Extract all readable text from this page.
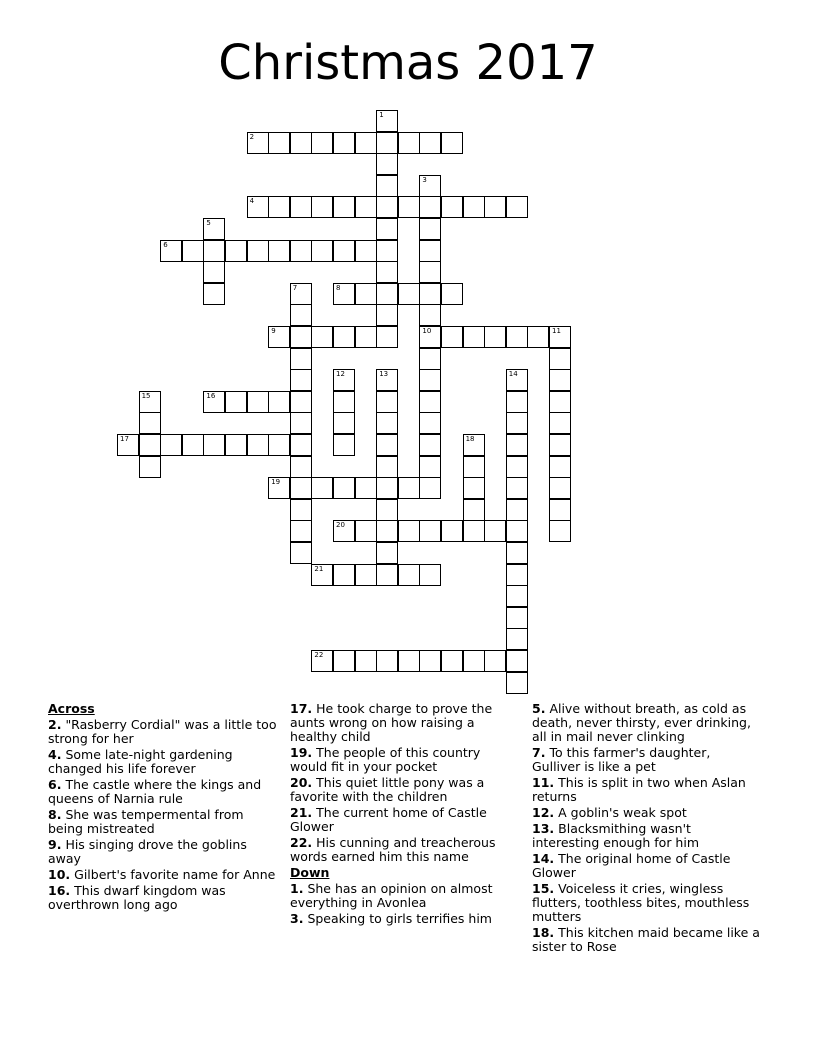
Christmas 2017
1
2
3
10
4
5
6
7	8
9	11
12	13	14
15	16
17	18
19
20
21
22
Across
2. "Rasberry Cordial" was a little too strong for her
4. Some late-night gardening changed his life forever
6. The castle where the kings and queens of Narnia rule
8. She was tempermental from being mistreated
9. His singing drove the goblins away
10. Gilbert's favorite name for Anne
16. This dwarf kingdom was overthrown long ago
17. He took charge to prove the aunts wrong on how raising a healthy child
19. The people of this country would fit in your pocket
20. This quiet little pony was a favorite with the children
21. The current home of Castle Glower
22. His cunning and treacherous words earned him this name
Down
1. She has an opinion on almost everything in Avonlea
3. Speaking to girls terrifies him
5. Alive without breath, as cold as death, never thirsty, ever drinking, all in mail never clinking
7. To this farmer's daughter, Gulliver is like a pet
11. This is split in two when Aslan returns
12. A goblin's weak spot
13. Blacksmithing wasn't interesting enough for him
14. The original home of Castle Glower
15. Voiceless it cries, wingless flutters, toothless bites, mouthless mutters
18. This kitchen maid became like a sister to Rose
